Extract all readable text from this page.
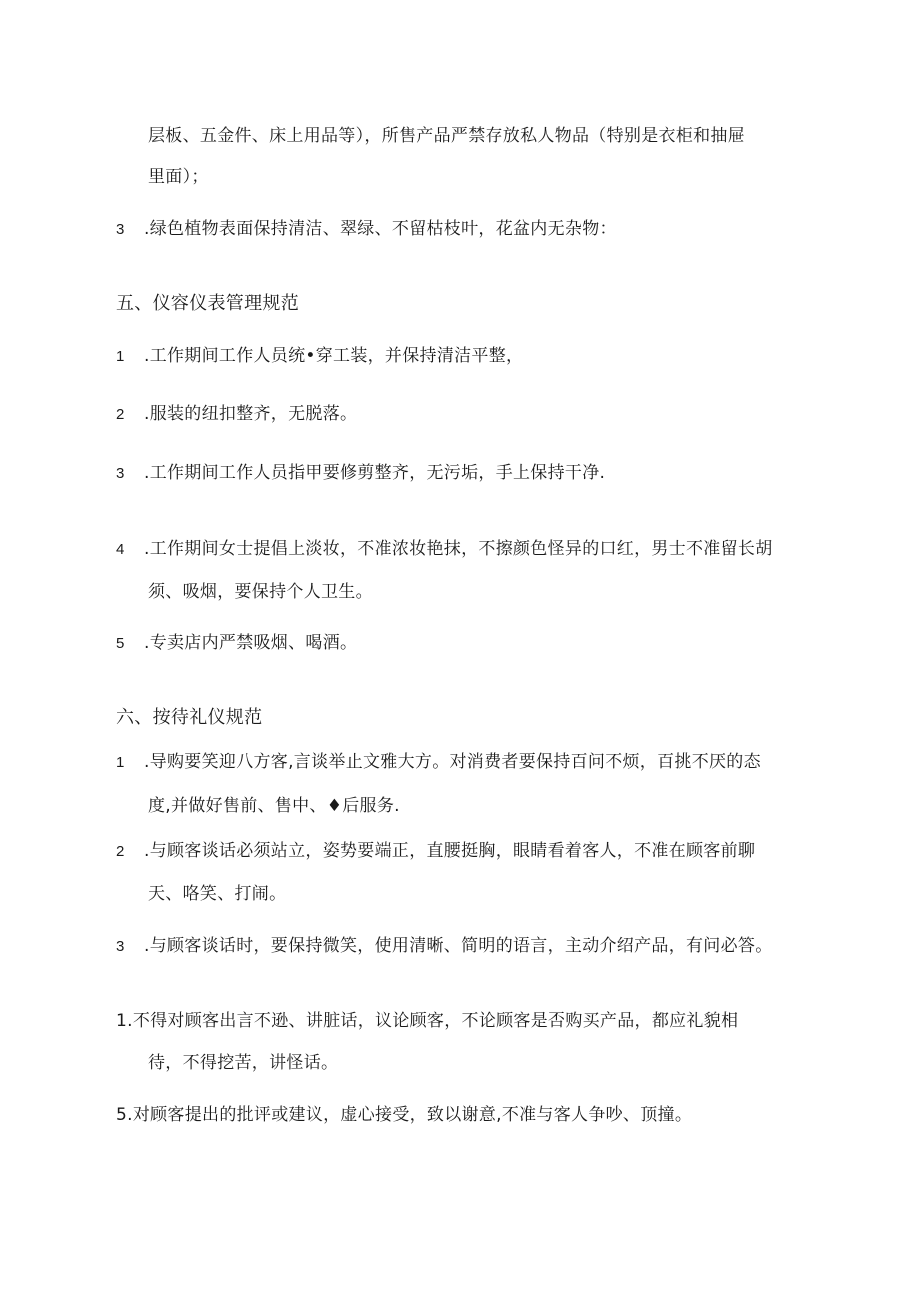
层板、五金件、床上用品等），所售产品严禁存放私人物品（特别是衣柜和抽屉
里面）；
3 .绿色植物表面保持清洁、翠绿、不留枯枝叶，花盆内无杂物：
五、仪容仪表管理规范
1 .工作期间工作人员统•穿工装，并保持清洁平整，
2 .服装的纽扣整齐，无脱落。
3 .工作期间工作人员指甲要修剪整齐，无污垢，手上保持干净.
4 .工作期间女士提倡上淡妆，不准浓妆艳抹，不擦颜色怪异的口红，男士不准留长胡
须、吸烟，要保持个人卫生。
5 .专卖店内严禁吸烟、喝酒。
六、按待礼仪规范
1 .导购要笑迎八方客,言谈举止文雅大方。对消费者要保持百问不烦，百挑不厌的态
度,并做好售前、售中、♦后服务.
2 .与顾客谈话必须站立，姿势要端正，直腰挺胸，眼睛看着客人，不准在顾客前聊
天、咯笑、打闹。
3 .与顾客谈话时，要保持微笑，使用清晰、简明的语言，主动介绍产品，有问必答。
1.不得对顾客出言不逊、讲脏话，议论顾客，不论顾客是否购买产品，都应礼貌相
待，不得挖苦，讲怪话。
5.对顾客提出的批评或建议，虚心接受，致以谢意,不准与客人争吵、顶撞。
